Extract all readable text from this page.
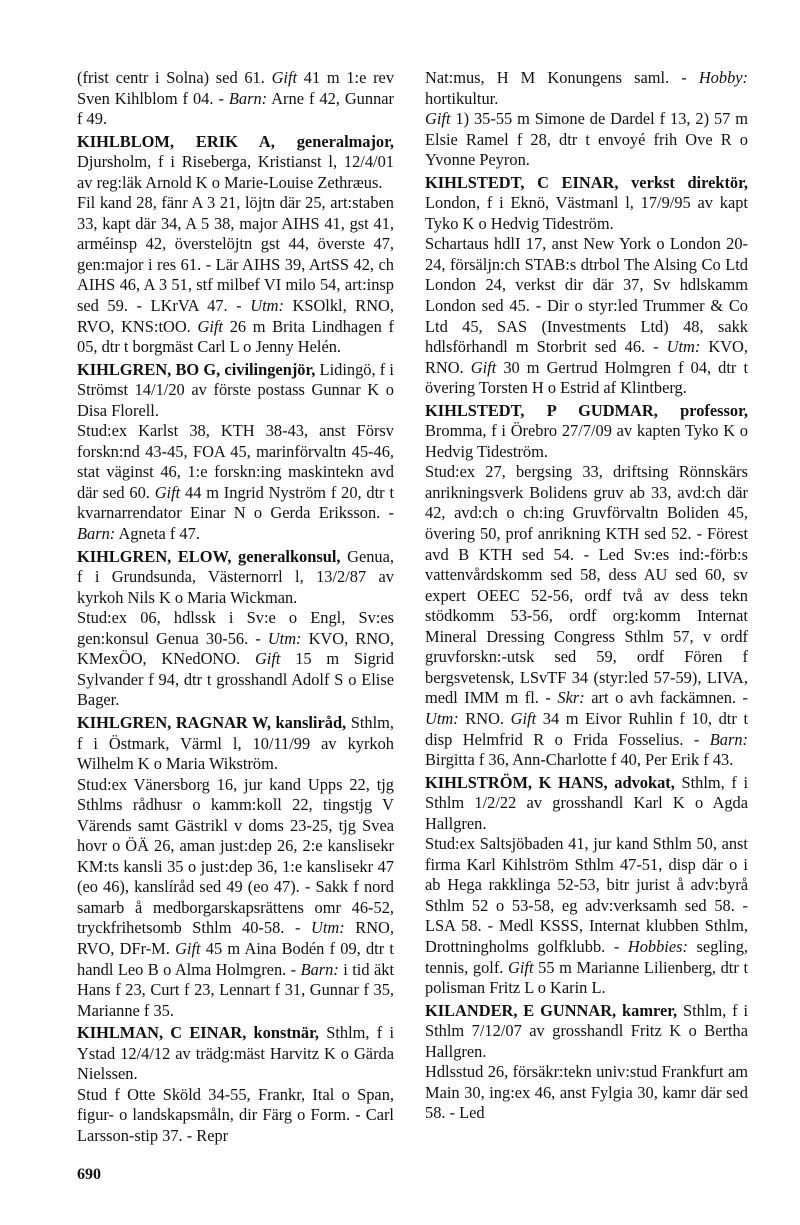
(frist centr i Solna) sed 61. Gift 41 m 1:e rev Sven Kihlblom f 04. - Barn: Arne f 42, Gunnar f 49.

KIHLBLOM, ERIK A, generalmajor, Djursholm, f i Riseberga, Kristianst l, 12/4/01 av reg:läk Arnold K o Marie-Louise Zethræus.

Fil kand 28, fänr A 3 21, löjtn där 25, art:staben 33, kapt där 34, A 5 38, major AIHS 41, gst 41, arméinsp 42, överstelöjtn gst 44, överste 47, gen:major i res 61. - Lär AIHS 39, ArtSS 42, ch AIHS 46, A 3 51, stf milbef VI milo 54, art:insp sed 59. - LKrVA 47. - Utm: KSOlkl, RNO, RVO, KNS:tOO. Gift 26 m Brita Lindhagen f 05, dtr t borgmäst Carl L o Jenny Helén.

KIHLGREN, BO G, civilingenjör, Lidingö, f i Strömst 14/1/20 av förste postass Gunnar K o Disa Florell.

Stud:ex Karlst 38, KTH 38-43, anst Försv forskn:nd 43-45, FOA 45, marinförvaltn 45-46, stat väginst 46, 1:e forskn:ing maskintekn avd där sed 60. Gift 44 m Ingrid Nyström f 20, dtr t kvarnarrendator Einar N o Gerda Eriksson. - Barn: Agneta f 47.

KIHLGREN, ELOW, generalkonsul, Genua, f i Grundsunda, Västernorrl l, 13/2/87 av kyrkoh Nils K o Maria Wickman.

Stud:ex 06, hdlssk i Sv:e o Engl, Sv:es gen:konsul Genua 30-56. - Utm: KVO, RNO, KMexÖO, KNedONO. Gift 15 m Sigrid Sylvander f 94, dtr t grosshandl Adolf S o Elise Bager.

KIHLGREN, RAGNAR W, kansliråd, Sthlm, f i Östmark, Värml l, 10/11/99 av kyrkoh Wilhelm K o Maria Wikström.

Stud:ex Vänersborg 16, jur kand Upps 22, tjg Sthlms rådhusr o kamm:koll 22, tingstjg V Värends samt Gästrikl v doms 23-25, tjg Svea hovr o ÖÄ 26, aman just:dep 26, 2:e kanslisekr KM:ts kansli 35 o just:dep 36, 1:e kanslisekr 47 (eo 46), kanslíråd sed 49 (eo 47). - Sakk f nord samarb å medborgarskapsrättens omr 46-52, tryckfrihetsomb Sthlm 40-58. - Utm: RNO, RVO, DFr-M. Gift 45 m Aina Bodén f 09, dtr t handl Leo B o Alma Holmgren. - Barn: i tid äkt Hans f 23, Curt f 23, Lennart f 31, Gunnar f 35, Marianne f 35.

KIHLMAN, C EINAR, konstnär, Sthlm, f i Ystad 12/4/12 av trädg:mäst Harvitz K o Gärda Nielssen.

Stud f Otte Sköld 34-55, Frankr, Ital o Span, figur- o landskapsmåln, dir Färg o Form. - Carl Larsson-stip 37. - Repr

Nat:mus, H M Konungens saml. - Hobby: hortikultur.

Gift 1) 35-55 m Simone de Dardel f 13, 2) 57 m Elsie Ramel f 28, dtr t envoyé frih Ove R o Yvonne Peyron.

KIHLSTEDT, C EINAR, verkst direktör, London, f i Eknö, Västmanl l, 17/9/95 av kapt Tyko K o Hedvig Tideström.

Schartaus hdlI 17, anst New York o London 20-24, försäljn:ch STAB:s dtrbol The Alsing Co Ltd London 24, verkst dir där 37, Sv hdlskamm London sed 45. - Dir o styr:led Trummer & Co Ltd 45, SAS (Investments Ltd) 48, sakk hdlsförhandl m Storbrit sed 46. - Utm: KVO, RNO. Gift 30 m Gertrud Holmgren f 04, dtr t övering Torsten H o Estrid af Klintberg.

KIHLSTEDT, P GUDMAR, professor, Bromma, f i Örebro 27/7/09 av kapten Tyko K o Hedvig Tideström.

Stud:ex 27, bergsing 33, driftsing Rönnskärs anrikningsverk Bolidens gruv ab 33, avd:ch där 42, avd:ch o ch:ing Gruvförvaltn Boliden 45, övering 50, prof anrikning KTH sed 52. - Förest avd B KTH sed 54. - Led Sv:es ind:-förb:s vattenvårdskomm sed 58, dess AU sed 60, sv expert OEEC 52-56, ordf två av dess tekn stödkomm 53-56, ordf org:komm Internat Mineral Dressing Congress Sthlm 57, v ordf gruvforskn:-utsk sed 59, ordf Fören f bergsvetensk, LSvTF 34 (styr:led 57-59), LIVA, medl IMM m fl. - Skr: art o avh fackämnen. - Utm: RNO. Gift 34 m Eivor Ruhlin f 10, dtr t disp Helmfrid R o Frida Fosselius. - Barn: Birgitta f 36, Ann-Charlotte f 40, Per Erik f 43.

KIHLSTRÖM, K HANS, advokat, Sthlm, f i Sthlm 1/2/22 av grosshandl Karl K o Agda Hallgren.

Stud:ex Saltsjöbaden 41, jur kand Sthlm 50, anst firma Karl Kihlström Sthlm 47-51, disp där o i ab Hega rakklinga 52-53, bitr jurist å adv:byrå Sthlm 52 o 53-58, eg adv:verksamh sed 58. - LSA 58. - Medl KSSS, Internat klubben Sthlm, Drottningholms golfklubb. - Hobbies: segling, tennis, golf. Gift 55 m Marianne Lilienberg, dtr t polisman Fritz L o Karin L.

KILANDER, E GUNNAR, kamrer, Sthlm, f i Sthlm 7/12/07 av grosshandl Fritz K o Bertha Hallgren.

Hdlsstud 26, försäkr:tekn univ:stud Frankfurt am Main 30, ing:ex 46, anst Fylgia 30, kamr där sed 58. - Led

690
